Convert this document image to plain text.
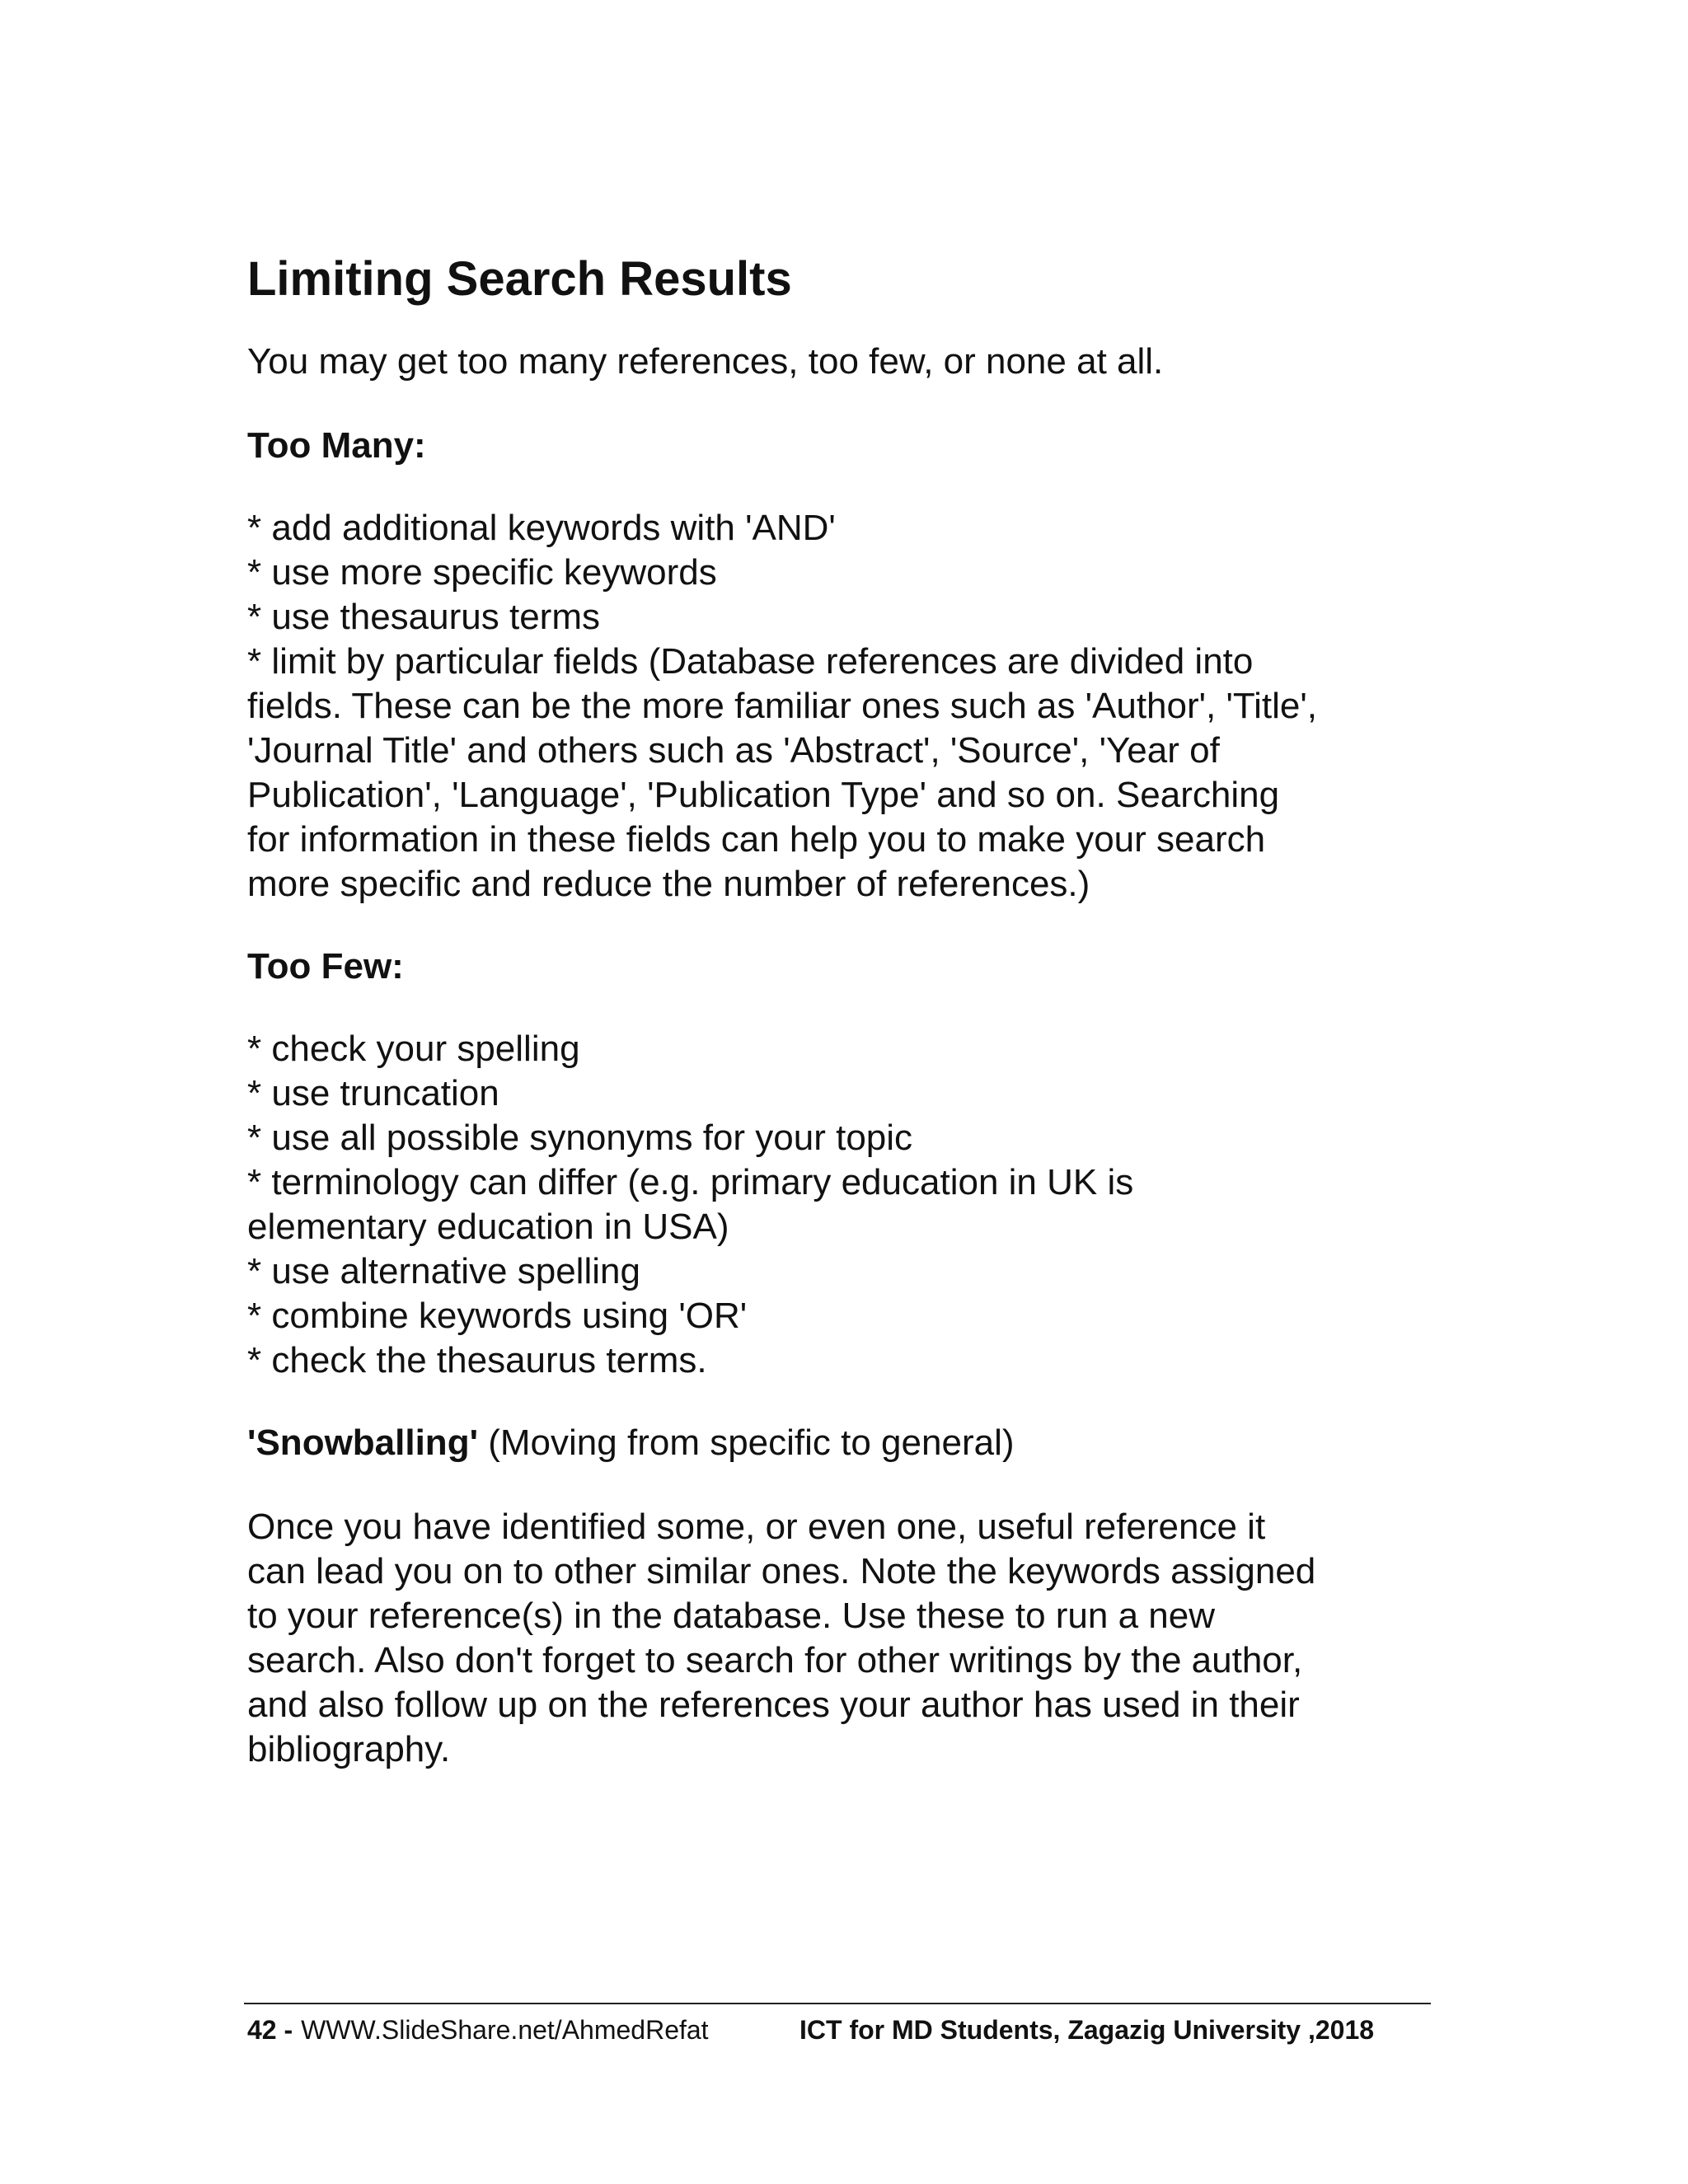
Limiting Search Results
You may get too many references, too few, or none at all.
Too Many:
* add additional keywords with 'AND'
* use more specific keywords
* use thesaurus terms
* limit by particular fields (Database references are divided into
fields. These can be the more familiar ones such as 'Author', 'Title',
'Journal Title' and others such as 'Abstract', 'Source', 'Year of
Publication', 'Language', 'Publication Type' and so on. Searching
for information in these fields can help you to make your search
more specific and reduce the number of references.)
Too Few:
* check your spelling
* use truncation
* use all possible synonyms for your topic
* terminology can differ (e.g. primary education in UK is
elementary education in USA)
* use alternative spelling
* combine keywords using 'OR'
* check the thesaurus terms.
'Snowballing' (Moving from specific to general)
Once you have identified some, or even one, useful reference it
can lead you on to other similar ones. Note the keywords assigned
to your reference(s) in the database. Use these to run a new
search. Also don't forget to search for other writings by the author,
and also follow up on the references your author has used in their
bibliography.
42 - WWW.SlideShare.net/AhmedRefat	ICT for MD Students, Zagazig University ,2018
